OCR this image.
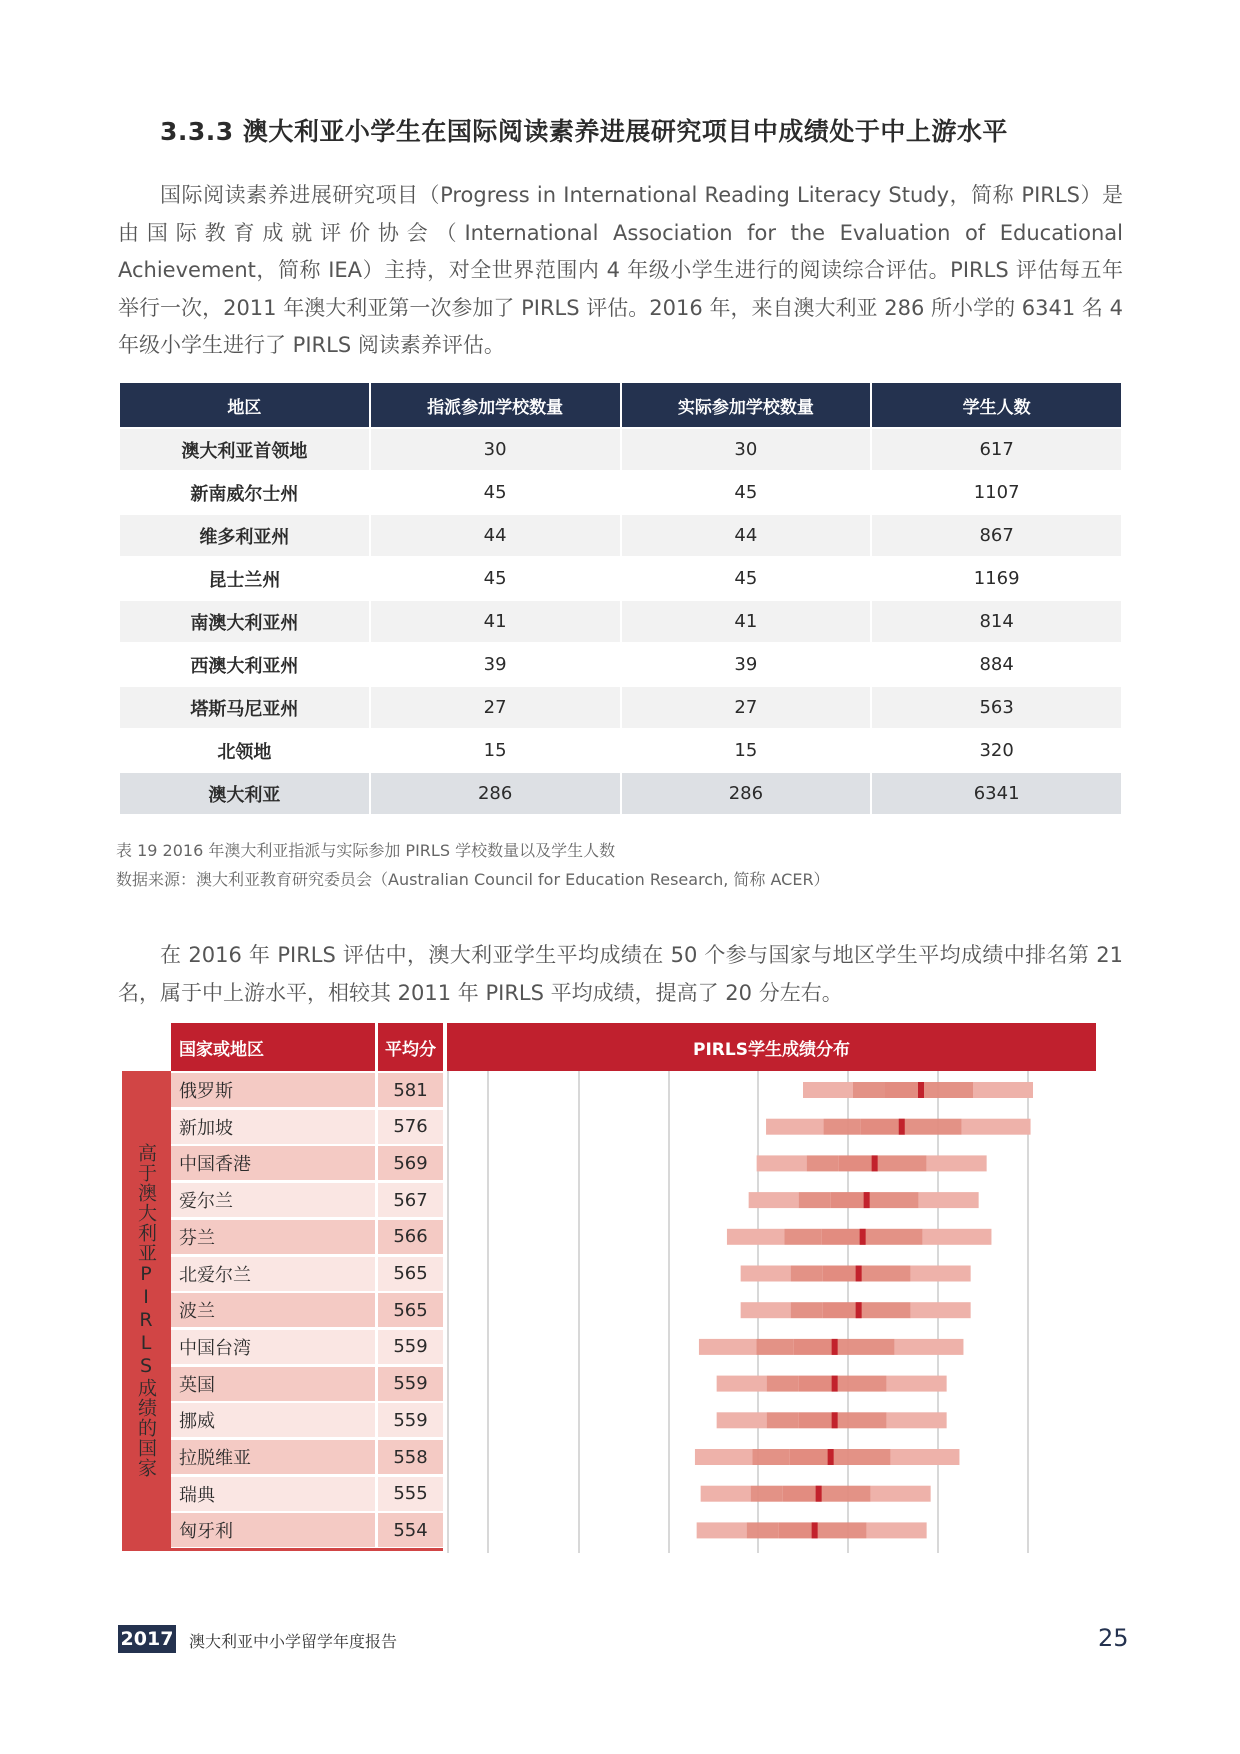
3.3.3 澳大利亚小学生在国际阅读素养进展研究项目中成绩处于中上游水平

国际阅读素养进展研究项目（Progress in International Reading Literacy Study，简称 PIRLS）是由国际教育成就评价协会（International Association for the Evaluation of Educational Achievement，简称 IEA）主持，对全世界范围内 4 年级小学生进行的阅读综合评估。PIRLS 评估每五年举行一次，2011 年澳大利亚第一次参加了 PIRLS 评估。2016 年，来自澳大利亚 286 所小学的 6341 名 4 年级小学生进行了 PIRLS 阅读素养评估。

地区	指派参加学校数量	实际参加学校数量	学生人数
澳大利亚首领地	30	30	617
新南威尔士州	45	45	1107
维多利亚州	44	44	867
昆士兰州	45	45	1169
南澳大利亚州	41	41	814
西澳大利亚州	39	39	884
塔斯马尼亚州	27	27	563
北领地	15	15	320
澳大利亚	286	286	6341

表 19 2016 年澳大利亚指派与实际参加 PIRLS 学校数量以及学生人数

数据来源：澳大利亚教育研究委员会（Australian Council for Education Research, 简称 ACER）

在 2016 年 PIRLS 评估中，澳大利亚学生平均成绩在 50 个参与国家与地区学生平均成绩中排名第 21 名，属于中上游水平，相较其 2011 年 PIRLS 平均成绩，提高了 20 分左右。

国家或地区	平均分	PIRLS学生成绩分布
高于澳大利亚PIRLS成绩的国家
俄罗斯	581
新加坡	576
中国香港	569
爱尔兰	567
芬兰	566
北爱尔兰	565
波兰	565
中国台湾	559
英国	559
挪威	559
拉脱维亚	558
瑞典	555
匈牙利	554
2017 澳大利亚中小学留学年度报告	25
